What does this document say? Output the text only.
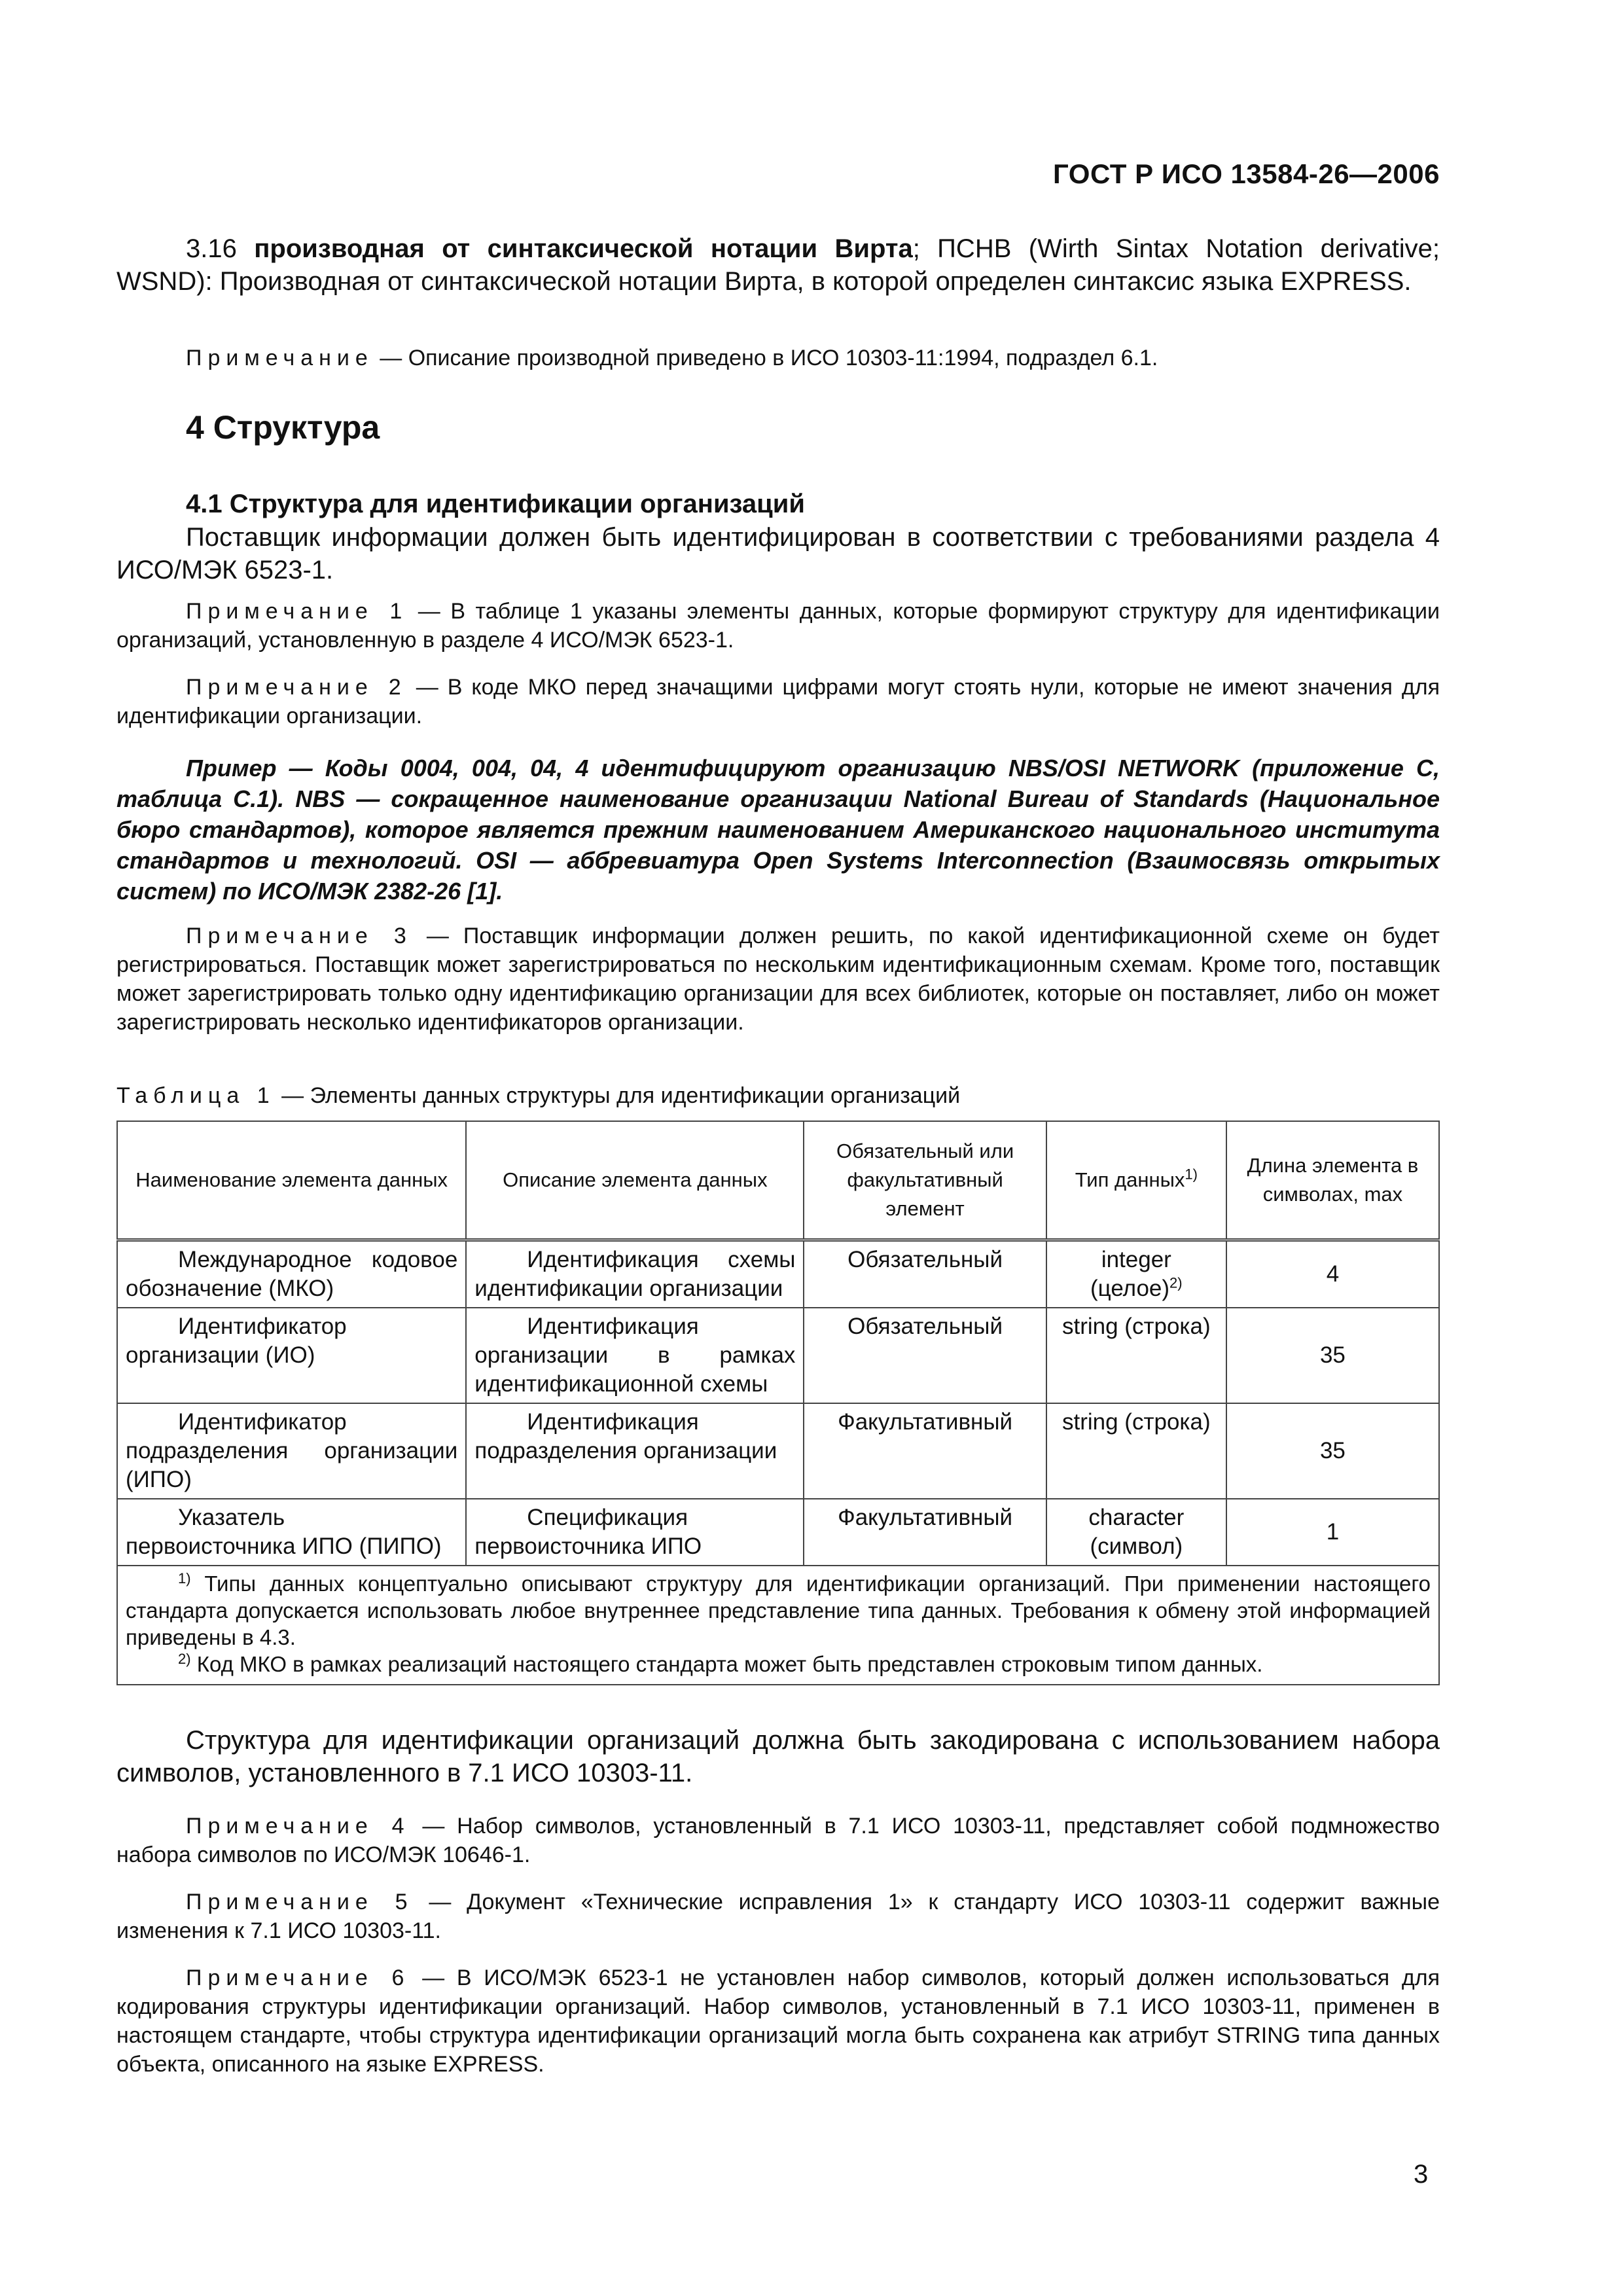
ГОСТ Р ИСО 13584-26—2006
3.16 производная от синтаксической нотации Вирта; ПСНВ (Wirth Sintax Notation derivative; WSND): Производная от синтаксической нотации Вирта, в которой определен синтаксис языка EXPRESS.
Примечание — Описание производной приведено в ИСО 10303-11:1994, подраздел 6.1.
4 Структура
4.1 Структура для идентификации организаций
Поставщик информации должен быть идентифицирован в соответствии с требованиями раздела 4 ИСО/МЭК 6523-1.
Примечание 1 — В таблице 1 указаны элементы данных, которые формируют структуру для идентификации организаций, установленную в разделе 4 ИСО/МЭК 6523-1.
Примечание 2 — В коде МКО перед значащими цифрами могут стоять нули, которые не имеют значения для идентификации организации.
Пример — Коды 0004, 004, 04, 4 идентифицируют организацию NBS/OSI NETWORK (приложение С, таблица С.1). NBS — сокращенное наименование организации National Bureau of Standards (Национальное бюро стандартов), которое является прежним наименованием Американского национального института стандартов и технологий. OSI — аббревиатура Open Systems Interconnection (Взаимосвязь открытых систем) по ИСО/МЭК 2382-26 [1].
Примечание 3 — Поставщик информации должен решить, по какой идентификационной схеме он будет регистрироваться. Поставщик может зарегистрироваться по нескольким идентификационным схемам. Кроме того, поставщик может зарегистрировать только одну идентификацию организации для всех библиотек, которые он поставляет, либо он может зарегистрировать несколько идентификаторов организации.
Таблица 1 — Элементы данных структуры для идентификации организаций
Наименование элемента данных	Описание элемента данных	Обязательный или факультативный элемент	Тип данных$^{1)}$	Длина элемента в символах, max
Международное кодовое обозначение (МКО)	Идентификация схемы идентификации организации	Обязательный	integer (целое)$^{2)}$	4
Идентификатор организации (ИО)	Идентификация организации в рамках идентификационной схемы	Обязательный	string (строка)	35
Идентификатор подразделения организации (ИПО)	Идентификация подразделения организации	Факультативный	string (строка)	35
Указатель первоисточника ИПО (ПИПО)	Спецификация первоисточника ИПО	Факультативный	character (символ)	1

$^{1)}$ Типы данных концептуально описывают структуру для идентификации организаций. При применении настоящего стандарта допускается использовать любое внутреннее представление типа данных. Требования к обмену этой информацией приведены в 4.3.
$^{2)}$ Код МКО в рамках реализаций настоящего стандарта может быть представлен строковым типом данных.				
Структура для идентификации организаций должна быть закодирована с использованием набора символов, установленного в 7.1 ИСО 10303-11.
Примечание 4 — Набор символов, установленный в 7.1 ИСО 10303-11, представляет собой подмножество набора символов по ИСО/МЭК 10646-1.
Примечание 5 — Документ «Технические исправления 1» к стандарту ИСО 10303-11 содержит важные изменения к 7.1 ИСО 10303-11.
Примечание 6 — В ИСО/МЭК 6523-1 не установлен набор символов, который должен использоваться для кодирования структуры идентификации организаций. Набор символов, установленный в 7.1 ИСО 10303-11, применен в настоящем стандарте, чтобы структура идентификации организаций могла быть сохранена как атрибут STRING типа данных объекта, описанного на языке EXPRESS.
3
